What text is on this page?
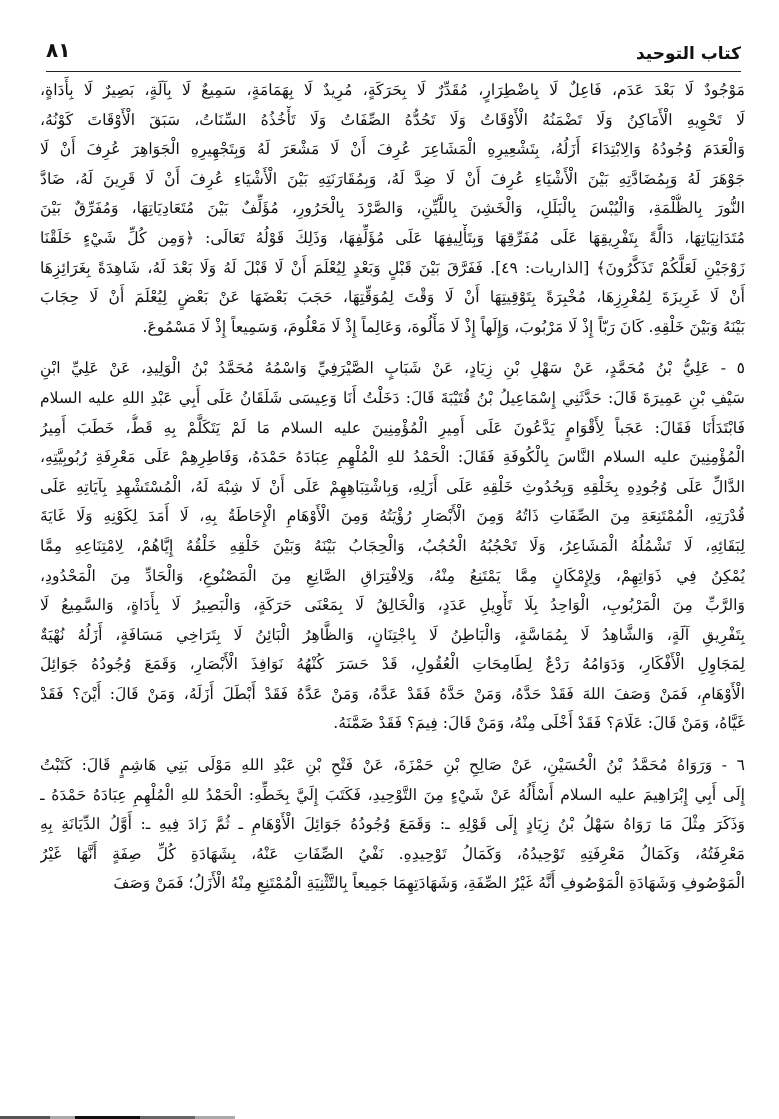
٨١	كتاب التوحيد
مَوْجُودٌ لَا بَعْدَ عَدَم، فَاعِلٌ لَا بِاضْطِرَارٍ، مُقَدِّرٌ لَا بِحَرَكَةٍ، مُرِيدٌ لَا بِهَمَامَةٍ، سَمِيعٌ لَا بِآلَةٍ، بَصِيرٌ لَا بِأَدَاةٍ،
لَا تَحْوِيهِ الْأَمَاكِنُ وَلَا تَضْمَنُهُ الْأَوْقَاتُ وَلَا تَحُدُّهُ الصِّفَاتُ وَلَا تَأْخُذُهُ السِّنَاتُ، سَبَقَ الْأَوْقَاتَ كَوْنُهُ،
وَالْعَدَمَ وُجُودُهُ وَالِابْتِدَاءَ أَزَلُهُ، بِتَشْعِيرِهِ الْمَشَاعِرَ عُرِفَ أَنْ لَا مَشْعَرَ لَهُ وَبِتَجْهِيرِهِ الْجَوَاهِرَ عُرِفَ أَنْ لَا
جَوْهَرَ لَهُ وَبِمُضَادَّتِهِ بَيْنَ الْأَشْيَاءِ عُرِفَ أَنْ لَا ضِدَّ لَهُ، وَبِمُقَارَنَتِهِ بَيْنَ الْأَشْيَاءِ عُرِفَ أَنْ لَا قَرِينَ لَهُ، ضَادَّ
النُّورَ بِالظُّلْمَةِ، وَالْيُبْسَ بِالْبَلَلِ، وَالْخَشِنَ بِاللَّيِّنِ، وَالصَّرْدَ بِالْحَرُورِ، مُؤَلِّفٌ بَيْنَ مُتَعَادِيَاتِهَا، وَمُفَرِّقٌ بَيْنَ
مُتَدَانِيَاتِهَا، دَالَّةً بِتَفْرِيقِهَا عَلَى مُفَرِّقِهَا وَبِتَأْلِيفِهَا عَلَى مُؤَلِّفِهَا، وَذَلِكَ قَوْلُهُ تَعَالَى: ﴿وَمِن كُلِّ شَيْءٍ خَلَقْنَا
زَوْجَيْنِ لَعَلَّكُمْ تَذَكَّرُونَ﴾ [الذاريات: ٤٩]. فَفَرَّقَ بَيْنَ قَبْلٍ وَبَعْدٍ لِيُعْلَمَ أَنْ لَا قَبْلَ لَهُ وَلَا بَعْدَ لَهُ، شَاهِدَةً بِغَرَائِزِهَا
أَنْ لَا غَرِيزَةَ لِمُغْرِزِهَا، مُخْبِرَةً بِتَوْقِيتِهَا أَنْ لَا وَقْتَ لِمُوَقِّتِهَا، حَجَبَ بَعْضَهَا عَنْ بَعْضٍ لِيُعْلَمَ أَنْ لَا حِجَابَ
بَيْنَهُ وَبَيْنَ خَلْقِهِ. كَانَ رَبّاً إِذْ لَا مَرْبُوبَ، وَإِلَهاً إِذْ لَا مَأْلُوهَ، وَعَالِماً إِذْ لَا مَعْلُومَ، وَسَمِيعاً إِذْ لَا مَسْمُوعَ.
٥ - عَلِيُّ بْنُ مُحَمَّدٍ، عَنْ سَهْلِ بْنِ زِيَادٍ، عَنْ شَبَابٍ الصَّيْرَفِيِّ وَاسْمُهُ مُحَمَّدُ بْنُ الْوَلِيدِ، عَنْ عَلِيِّ ابْنِ
سَيْفِ بْنِ عَمِيرَةَ قَالَ: حَدَّثَنِي إِسْمَاعِيلُ بْنُ قُتَيْبَةَ قَالَ: دَخَلْتُ أَنَا وَعِيسَى شَلَقَانُ عَلَى أَبِي عَبْدِ اللهِ عليه السلام
فَابْتَدَأَنَا فَقَالَ: عَجَباً لِأَقْوَامٍ يَدَّعُونَ عَلَى أَمِيرِ الْمُؤْمِنِينَ عليه السلام مَا لَمْ يَتَكَلَّمْ بِهِ قَطُّ، خَطَبَ أَمِيرُ
الْمُؤْمِنِينَ عليه السلام النَّاسَ بِالْكُوفَةِ فَقَالَ: الْحَمْدُ للهِ الْمُلْهِمِ عِبَادَهُ حَمْدَهُ، وَفَاطِرِهِمْ عَلَى مَعْرِفَةِ رُبُوبِيَّتِهِ،
الدَّالِّ عَلَى وُجُودِهِ بِخَلْقِهِ وَبِحُدُوثِ خَلْقِهِ عَلَى أَزَلِهِ، وَبِاشْتِبَاهِهِمْ عَلَى أَنْ لَا شِبْهَ لَهُ، الْمُسْتَشْهِدِ بِآيَاتِهِ عَلَى
قُدْرَتِهِ، الْمُمْتَنِعَةِ مِنَ الصِّفَاتِ ذَاتُهُ وَمِنَ الْأَبْصَارِ رُؤْيَتُهُ وَمِنَ الْأَوْهَامِ الْإِحَاطَةُ بِهِ، لَا أَمَدَ لِكَوْنِهِ وَلَا غَايَةَ
لِبَقَائِهِ، لَا تَشْمُلُهُ الْمَشَاعِرُ، وَلَا تَحْجُبُهُ الْحُجُبُ، وَالْحِجَابُ بَيْنَهُ وَبَيْنَ خَلْقِهِ خَلْقُهُ إِيَّاهُمْ، لِامْتِنَاعِهِ مِمَّا
يُمْكِنُ فِي ذَوَاتِهِمْ، وَلِإِمْكَانٍ مِمَّا يَمْتَنِعُ مِنْهُ، وَلِافْتِرَاقِ الصَّانِعِ مِنَ الْمَصْنُوعِ، وَالْحَادِّ مِنَ الْمَحْدُودِ،
وَالرَّبِّ مِنَ الْمَرْبُوبِ، الْوَاحِدُ بِلَا تَأْوِيلِ عَدَدٍ، وَالْخَالِقُ لَا بِمَعْنَى حَرَكَةٍ، وَالْبَصِيرُ لَا بِأَدَاةٍ، وَالسَّمِيعُ لَا
بِتَفْرِيقِ آلَةٍ، وَالشَّاهِدُ لَا بِمُمَاسَّةٍ، وَالْبَاطِنُ لَا بِاجْتِنَانٍ، وَالظَّاهِرُ الْبَائِنُ لَا بِتَرَاخِي مَسَافَةٍ، أَزَلُهُ نُهْيَةٌ
لِمَجَاوِلِ الْأَفْكَارِ، وَدَوَامُهُ رَدْعٌ لِطَامِحَاتِ الْعُقُولِ، قَدْ حَسَرَ كُنْهُهُ نَوَافِذَ الْأَبْصَارِ، وَقَمَعَ وُجُودُهُ جَوَائِلَ
الْأَوْهَامِ، فَمَنْ وَصَفَ اللهَ فَقَدْ حَدَّهُ، وَمَنْ حَدَّهُ فَقَدْ عَدَّهُ، وَمَنْ عَدَّهُ فَقَدْ أَبْطَلَ أَزَلَهُ، وَمَنْ قَالَ: أَيْنَ؟ فَقَدْ
غَيَّاهُ، وَمَنْ قَالَ: عَلَامَ؟ فَقَدْ أَخْلَى مِنْهُ، وَمَنْ قَالَ: فِيمَ؟ فَقَدْ ضَمَّنَهُ.
٦ - وَرَوَاهُ مُحَمَّدُ بْنُ الْحُسَيْنِ، عَنْ صَالِحِ بْنِ حَمْزَةَ، عَنْ فَتْحِ بْنِ عَبْدِ اللهِ مَوْلَى بَنِي هَاشِمٍ قَالَ: كَتَبْتُ
إِلَى أَبِي إِبْرَاهِيمَ عليه السلام أَسْأَلُهُ عَنْ شَيْءٍ مِنَ التَّوْحِيدِ، فَكَتَبَ إِلَيَّ بِخَطِّهِ: الْحَمْدُ للهِ الْمُلْهِمِ عِبَادَهُ حَمْدَهُ ـ
وَذَكَرَ مِثْلَ مَا رَوَاهُ سَهْلُ بْنُ زِيَادٍ إِلَى قَوْلِهِ ـ: وَقَمَعَ وُجُودُهُ جَوَائِلَ الْأَوْهَامِ ـ ثُمَّ زَادَ فِيهِ ـ: أَوَّلُ الدِّيَانَةِ بِهِ
مَعْرِفَتُهُ، وَكَمَالُ مَعْرِفَتِهِ تَوْحِيدُهُ، وَكَمَالُ تَوْحِيدِهِ. نَفْيُ الصِّفَاتِ عَنْهُ، بِشَهَادَةِ كُلِّ صِفَةٍ أَنَّهَا غَيْرُ
الْمَوْصُوفِ وَشَهَادَةِ الْمَوْصُوفِ أَنَّهُ غَيْرُ الصِّفَةِ، وَشَهَادَتِهِمَا جَمِيعاً بِالتَّثْنِيَةِ الْمُمْتَنِعِ مِنْهُ الْأَزَلُ؛ فَمَنْ وَصَفَ
